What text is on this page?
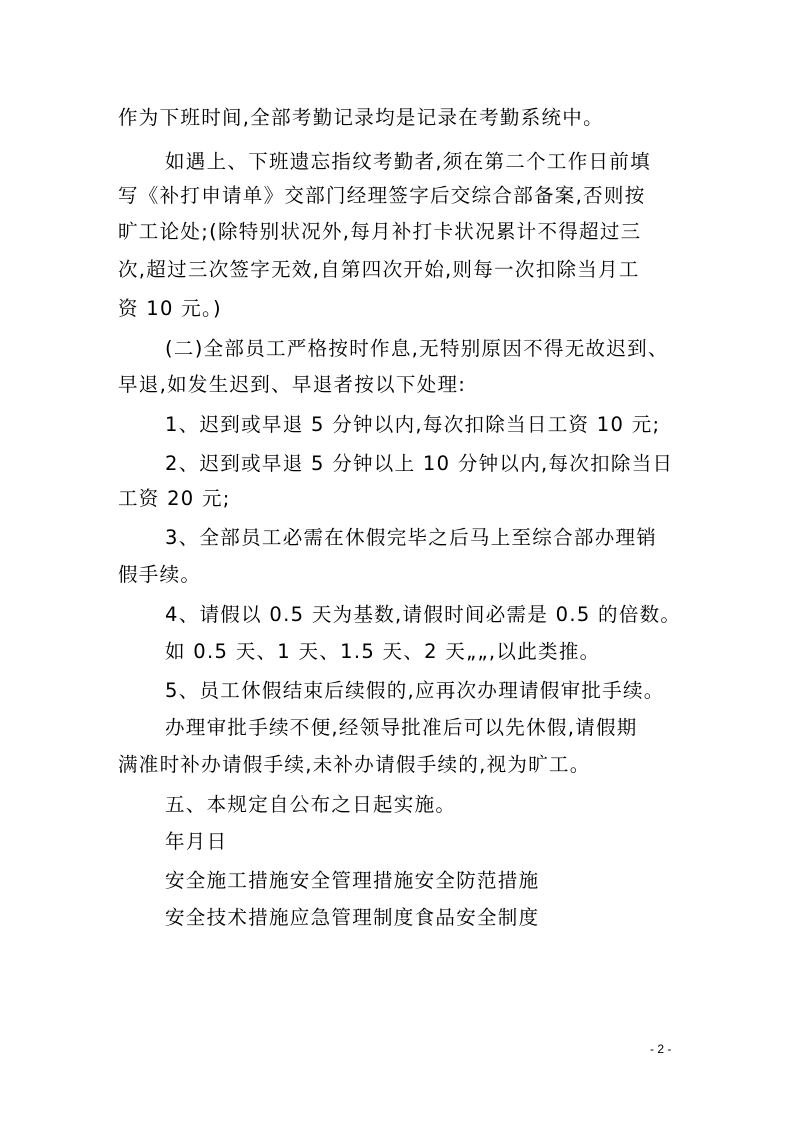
作为下班时间,全部考勤记录均是记录在考勤系统中。
如遇上、下班遗忘指纹考勤者,须在第二个工作日前填
写《补打申请单》交部门经理签字后交综合部备案,否则按
旷工论处;(除特别状况外,每月补打卡状况累计不得超过三
次,超过三次签字无效,自第四次开始,则每一次扣除当月工
资 10 元。)
(二)全部员工严格按时作息,无特别原因不得无故迟到、
早退,如发生迟到、早退者按以下处理:
1、迟到或早退 5 分钟以内,每次扣除当日工资 10 元;
2、迟到或早退 5 分钟以上 10 分钟以内,每次扣除当日
工资 20 元;
3、全部员工必需在休假完毕之后马上至综合部办理销
假手续。
4、请假以 0.5 天为基数,请假时间必需是 0.5 的倍数。
如 0.5 天、1 天、1.5 天、2 天„„,以此类推。
5、员工休假结束后续假的,应再次办理请假审批手续。
办理审批手续不便,经领导批准后可以先休假,请假期
满准时补办请假手续,未补办请假手续的,视为旷工。
五、本规定自公布之日起实施。
年月日
安全施工措施安全管理措施安全防范措施
安全技术措施应急管理制度食品安全制度
- 2 -
